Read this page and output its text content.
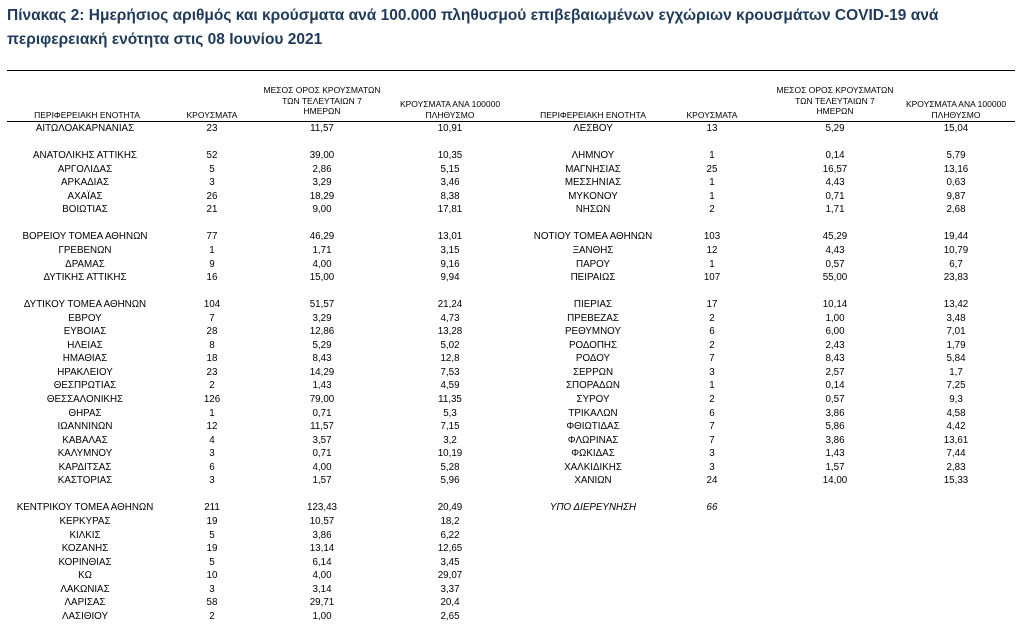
Πίνακας 2: Ημερήσιος αριθμός και κρούσματα ανά 100.000 πληθυσμού επιβεβαιωμένων εγχώριων κρουσμάτων COVID-19 ανά περιφερειακή ενότητα στις 08 Ιουνίου 2021
ΠΕΡΙΦΕΡΕΙΑΚΗ ΕΝΟΤΗΤΑ	ΚΡΟΥΣΜΑΤΑ
ΜΕΣΟΣ ΟΡΟΣ ΚΡΟΥΣΜΑΤΩΝ
ΤΩΝ ΤΕΛΕΥΤΑΙΩΝ 7
ΗΜΕΡΩΝ
ΚΡΟΥΣΜΑΤΑ ΑΝΑ 100000
ΠΛΗΘΥΣΜΟ	ΠΕΡΙΦΕΡΕΙΑΚΗ ΕΝΟΤΗΤΑ	ΚΡΟΥΣΜΑΤΑ
ΜΕΣΟΣ ΟΡΟΣ ΚΡΟΥΣΜΑΤΩΝ
ΤΩΝ ΤΕΛΕΥΤΑΙΩΝ 7
ΗΜΕΡΩΝ
ΚΡΟΥΣΜΑΤΑ ΑΝΑ 100000
ΠΛΗΘΥΣΜΟ
ΑΙΤΩΛΟΑΚΑΡΝΑΝΙΑΣ	23	11,57	10,91
ΑΝΑΤΟΛΙΚΗΣ ΑΤΤΙΚΗΣ	52	39,00	10,35
ΑΡΓΟΛΙΔΑΣ	5	2,86	5,15
ΑΡΚΑΔΙΑΣ	3	3,29	3,46
ΑΧΑΪΑΣ	26	18,29	8,38
ΒΟΙΩΤΙΑΣ	21	9,00	17,81
ΒΟΡΕΙΟΥ ΤΟΜΕΑ ΑΘΗΝΩΝ	77	46,29	13,01
ΓΡΕΒΕΝΩΝ	1	1,71	3,15
ΔΡΑΜΑΣ	9	4,00	9,16
ΔΥΤΙΚΗΣ ΑΤΤΙΚΗΣ	16	15,00	9,94
ΔΥΤΙΚΟΥ ΤΟΜΕΑ ΑΘΗΝΩΝ	104	51,57	21,24
ΕΒΡΟΥ	7	3,29	4,73
ΕΥΒΟΙΑΣ	28	12,86	13,28
ΗΛΕΙΑΣ	8	5,29	5,02
ΗΜΑΘΙΑΣ	18	8,43	12,8
ΗΡΑΚΛΕΙΟΥ	23	14,29	7,53
ΘΕΣΠΡΩΤΙΑΣ	2	1,43	4,59
ΘΕΣΣΑΛΟΝΙΚΗΣ	126	79,00	11,35
ΘΗΡΑΣ	1	0,71	5,3
ΙΩΑΝΝΙΝΩΝ	12	11,57	7,15
ΚΑΒΑΛΑΣ	4	3,57	3,2
ΚΑΛΥΜΝΟΥ	3	0,71	10,19
ΚΑΡΔΙΤΣΑΣ	6	4,00	5,28
ΚΑΣΤΟΡΙΑΣ	3	1,57	5,96
ΚΕΝΤΡΙΚΟΥ ΤΟΜΕΑ ΑΘΗΝΩΝ	211	123,43	20,49
ΚΕΡΚΥΡΑΣ	19	10,57	18,2
ΚΙΛΚΙΣ	5	3,86	6,22
ΚΟΖΑΝΗΣ	19	13,14	12,65
ΚΟΡΙΝΘΙΑΣ	5	6,14	3,45
ΚΩ	10	4,00	29,07
ΛΑΚΩΝΙΑΣ	3	3,14	3,37
ΛΑΡΙΣΑΣ	58	29,71	20,4
ΛΑΣΙΘΙΟΥ	2	1,00	2,65
ΛΕΣΒΟΥ	13	5,29	15,04
ΛΗΜΝΟΥ	1	0,14	5,79
ΜΑΓΝΗΣΙΑΣ	25	16,57	13,16
ΜΕΣΣΗΝΙΑΣ	1	4,43	0,63
ΜΥΚΟΝΟΥ	1	0,71	9,87
ΝΗΣΩΝ	2	1,71	2,68
ΝΟΤΙΟΥ ΤΟΜΕΑ ΑΘΗΝΩΝ	103	45,29	19,44
ΞΑΝΘΗΣ	12	4,43	10,79
ΠΑΡΟΥ	1	0,57	6,7
ΠΕΙΡΑΙΩΣ	107	55,00	23,83
ΠΙΕΡΙΑΣ	17	10,14	13,42
ΠΡΕΒΕΖΑΣ	2	1,00	3,48
ΡΕΘΥΜΝΟΥ	6	6,00	7,01
ΡΟΔΟΠΗΣ	2	2,43	1,79
ΡΟΔΟΥ	7	8,43	5,84
ΣΕΡΡΩΝ	3	2,57	1,7
ΣΠΟΡΑΔΩΝ	1	0,14	7,25
ΣΥΡΟΥ	2	0,57	9,3
ΤΡΙΚΑΛΩΝ	6	3,86	4,58
ΦΘΙΩΤΙΔΑΣ	7	5,86	4,42
ΦΛΩΡΙΝΑΣ	7	3,86	13,61
ΦΩΚΙΔΑΣ	3	1,43	7,44
ΧΑΛΚΙΔΙΚΗΣ	3	1,57	2,83
ΧΑΝΙΩΝ	24	14,00	15,33
ΥΠΟ ΔΙΕΡΕΥΝΗΣΗ	66
